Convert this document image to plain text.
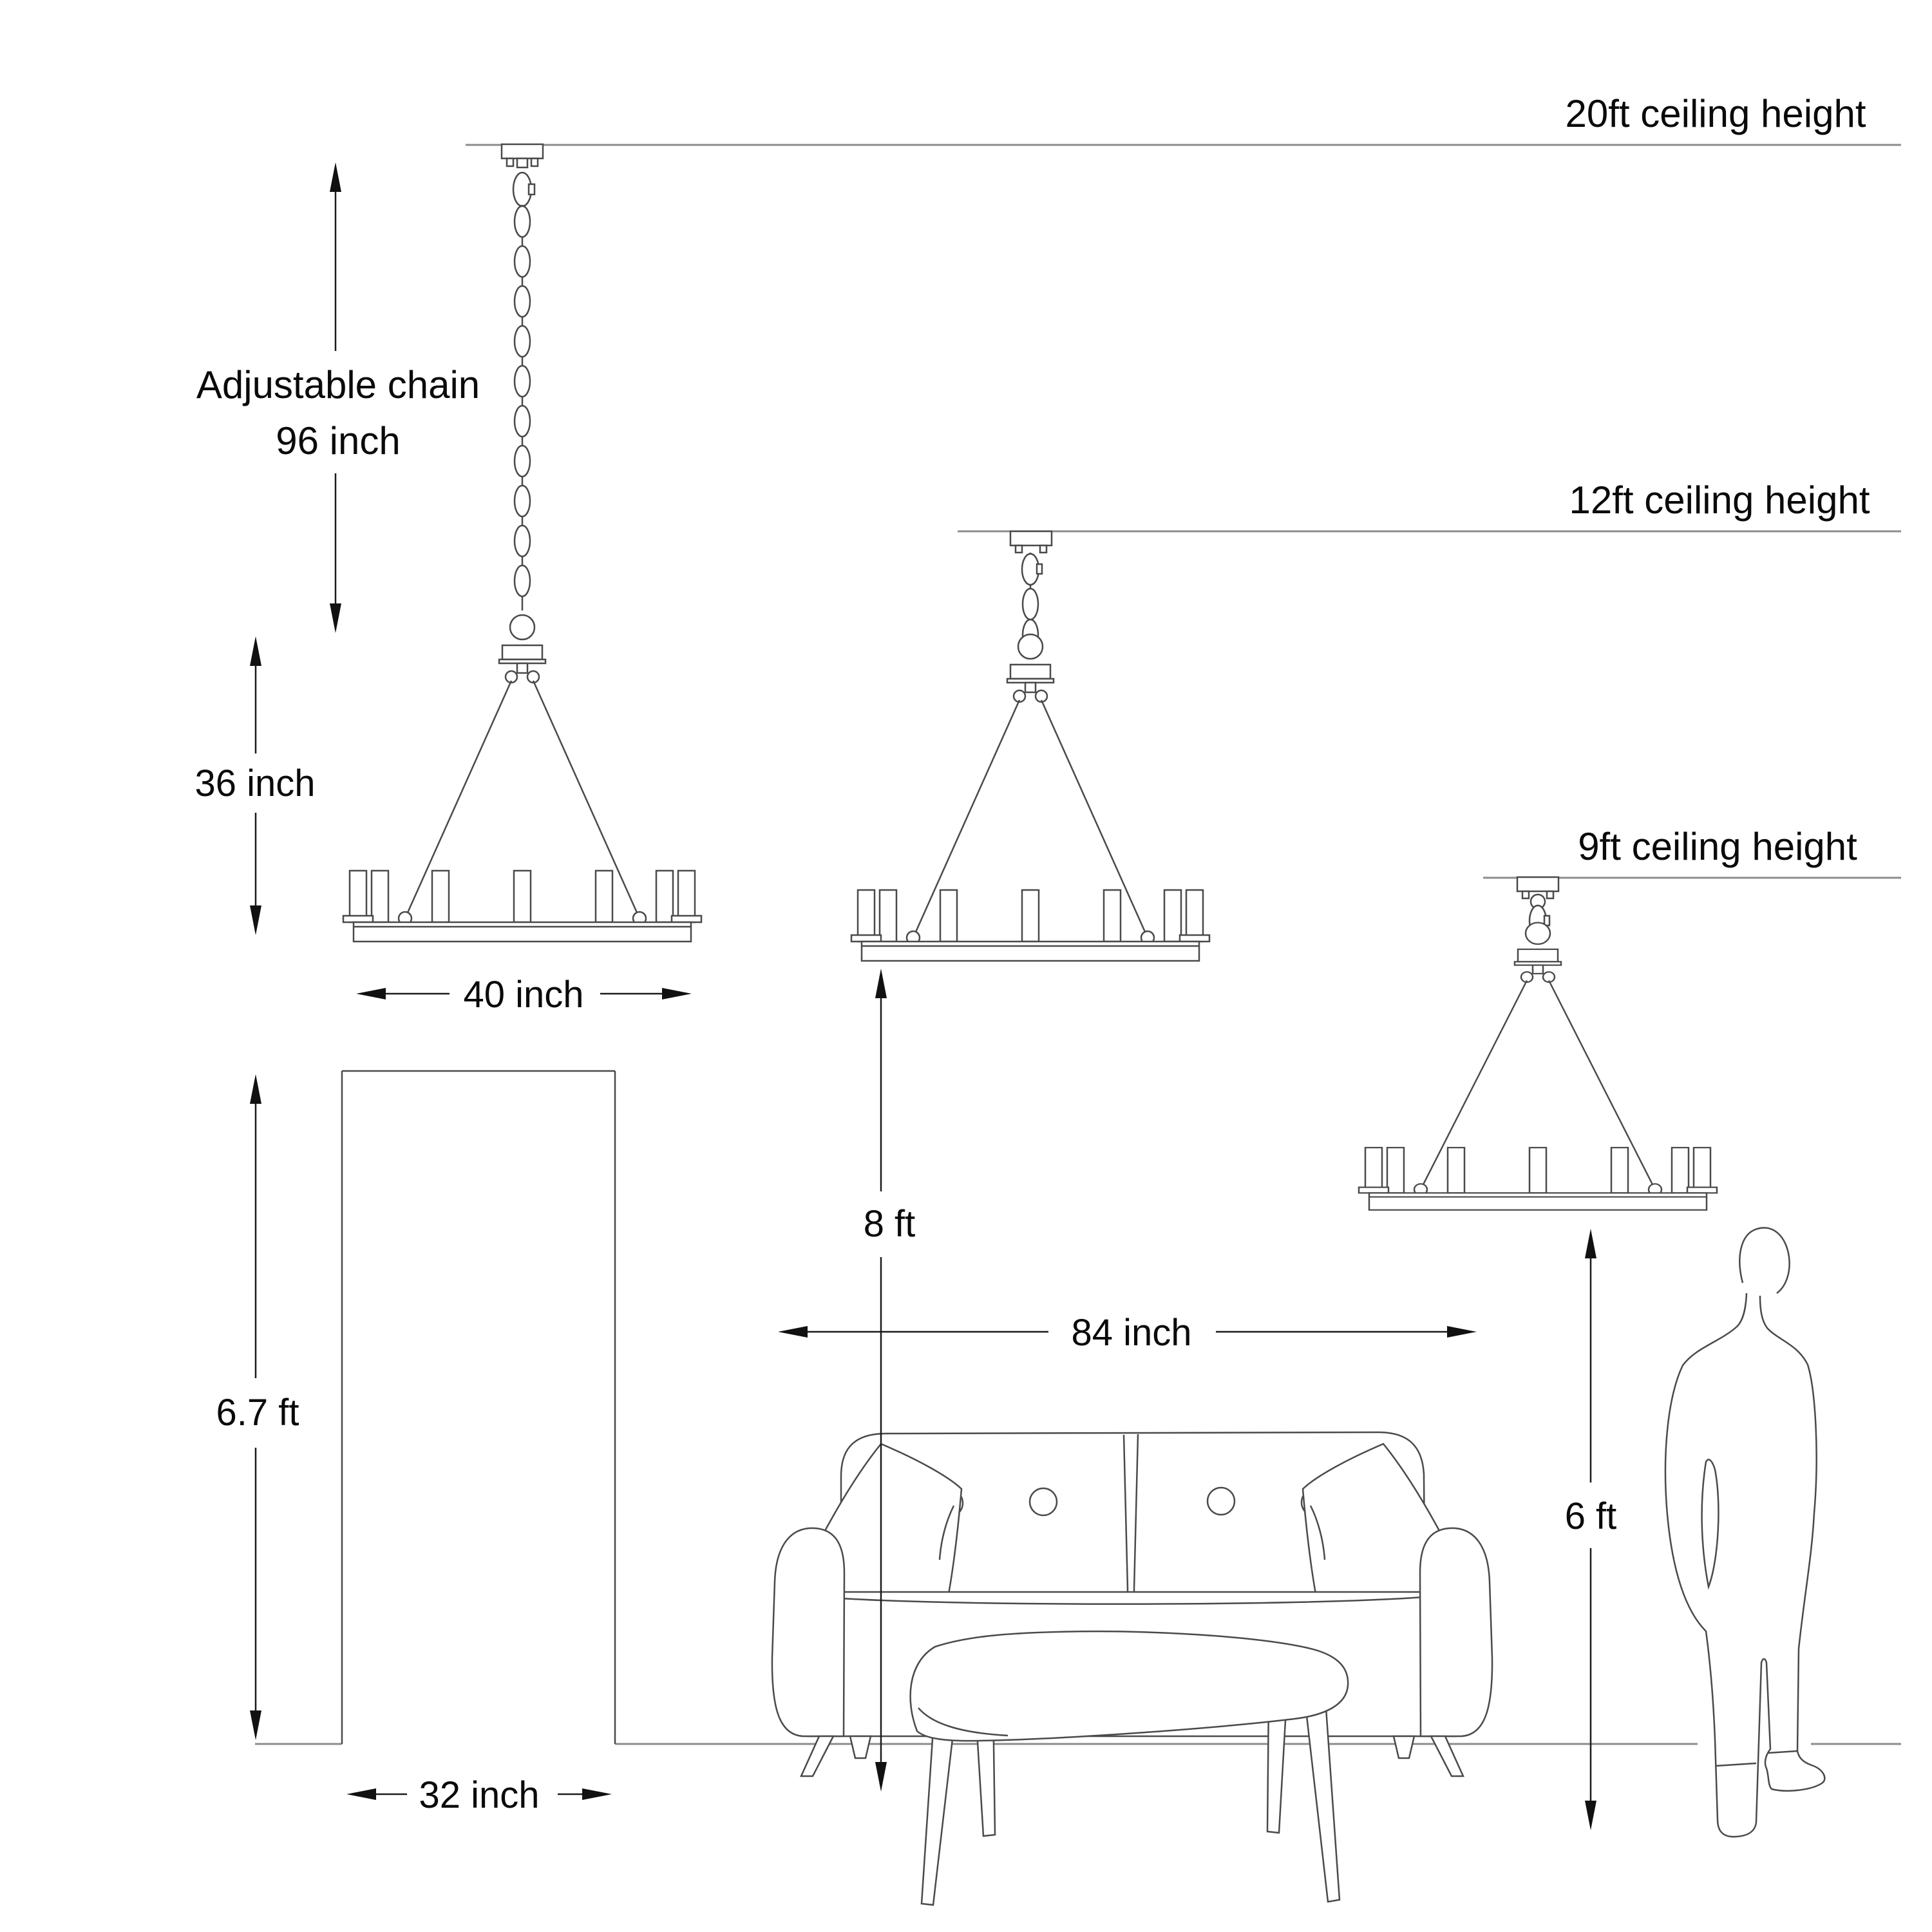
20ft ceiling height
12ft ceiling height
9ft ceiling height
Adjustable chain
96 inch
36 inch
40 inch
6.7 ft
32 inch
8 ft
84 inch
6 ft
